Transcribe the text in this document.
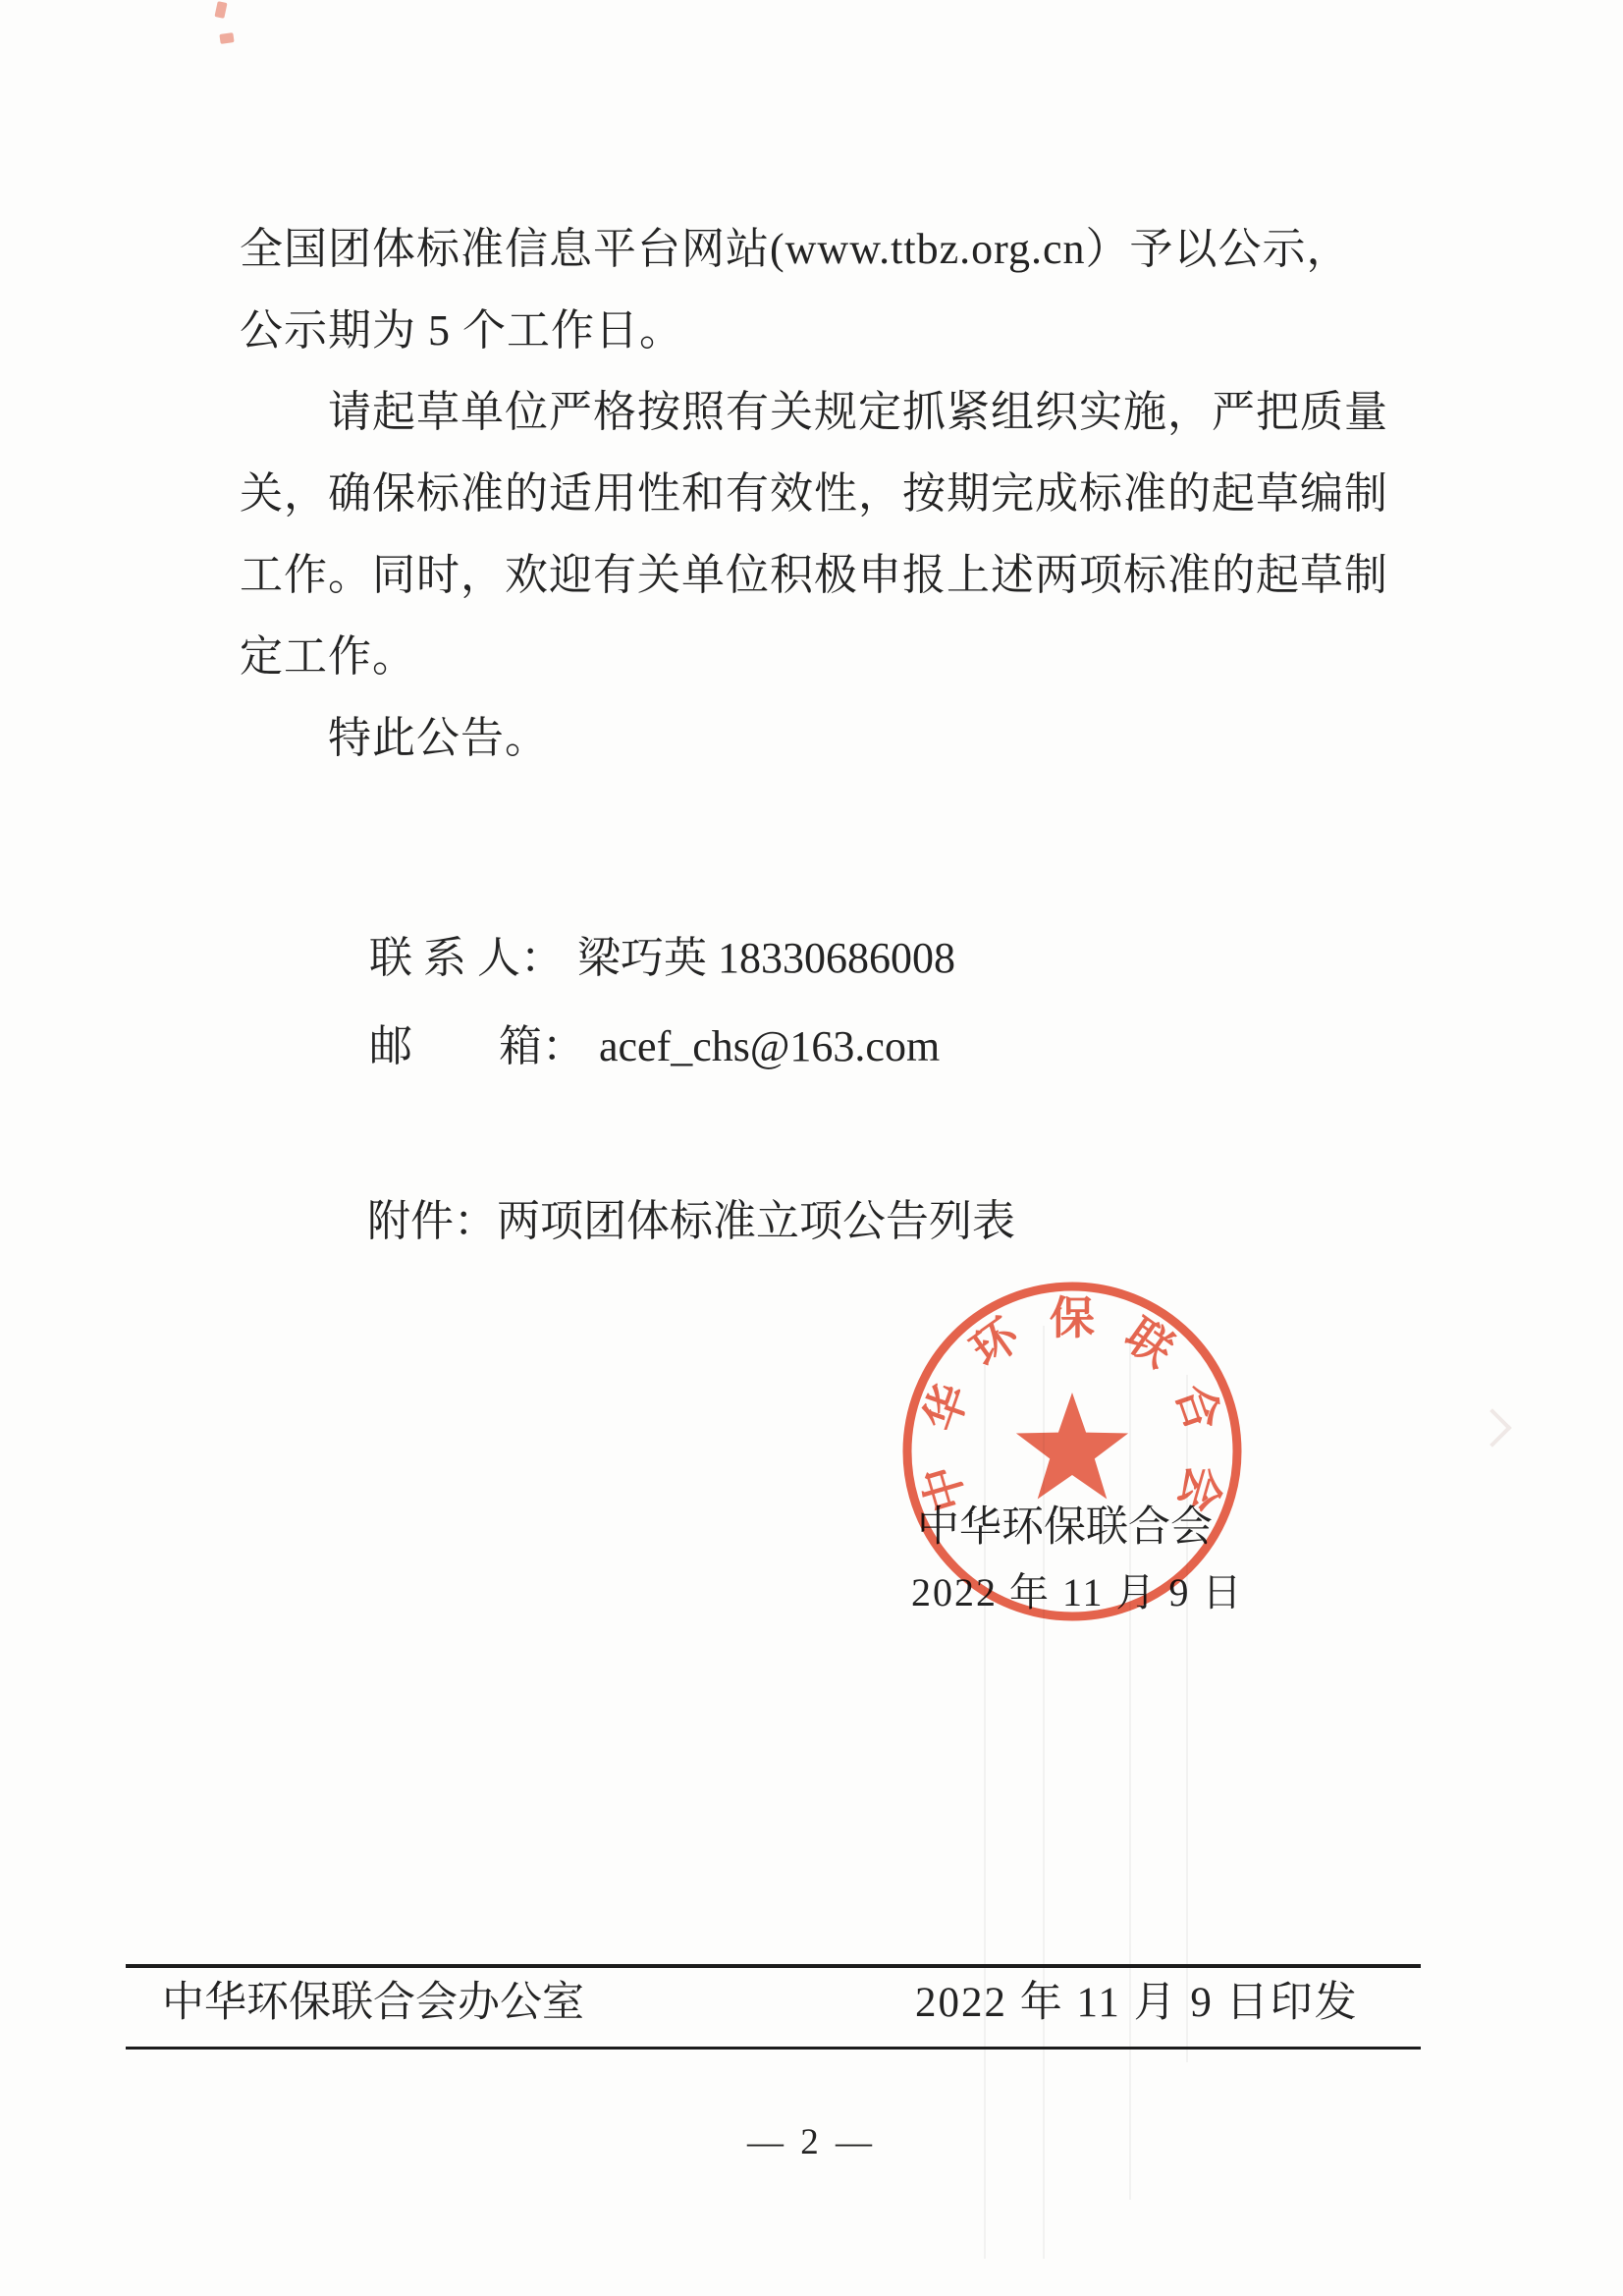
全国团体标准信息平台网站(www.ttbz.org.cn）予以公示，
公示期为 5 个工作日。
请起草单位严格按照有关规定抓紧组织实施，严把质量
关，确保标准的适用性和有效性，按期完成标准的起草编制
工作。同时，欢迎有关单位积极申报上述两项标准的起草制
定工作。
特此公告。

联 系 人： 梁巧英 18330686008

邮　　箱： acef_chs@163.com

附件：两项团体标准立项公告列表

中华环保联合会
2022 年 11 月 9 日
中华环保联合会
中华环保联合会办公室	2022 年 11 月 9 日印发
— 2 —
